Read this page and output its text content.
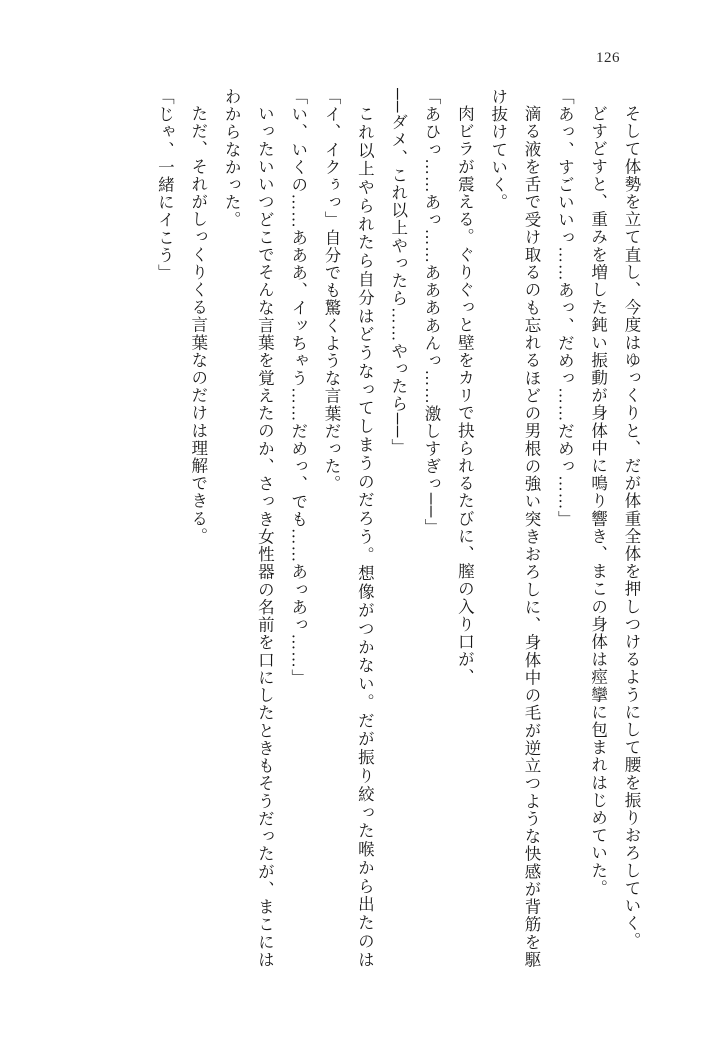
126

そして体勢を立て直し、今度はゆっくりと、だが体重全体を押しつけるようにして腰を振りおろしていく。

どすどすと、重みを増した鈍い振動が身体中に鳴り響き、まこの身体は痙攣に包まれはじめていた。

「あっ、すごいいっ……あっ、だめっ……だめっ……」

滴る液を舌で受け取るのも忘れるほどの男根の強い突きおろしに、身体中の毛が逆立つような快感が背筋を駆け抜けていく。

肉ビラが震える。ぐりぐっと壁をカリで抉られるたびに、膣の入り口が、

「あひっ……あっ……ああああんっ……激しすぎっ──」

──ダメ、これ以上やったら……やったら──」

これ以上やられたら自分はどうなってしまうのだろう。想像がつかない。だが振り絞った喉から出たのは「イ、イクぅっ」自分でも驚くような言葉だった。

「い、いくの……あああ、イッちゃう……だめっ、でも……あっあっ……」

いったいいつどこでそんな言葉を覚えたのか、さっき女性器の名前を口にしたときもそうだったが、まこにはわからなかった。

ただ、それがしっくりくる言葉なのだけは理解できる。

「じゃ、一緒にイこう」
